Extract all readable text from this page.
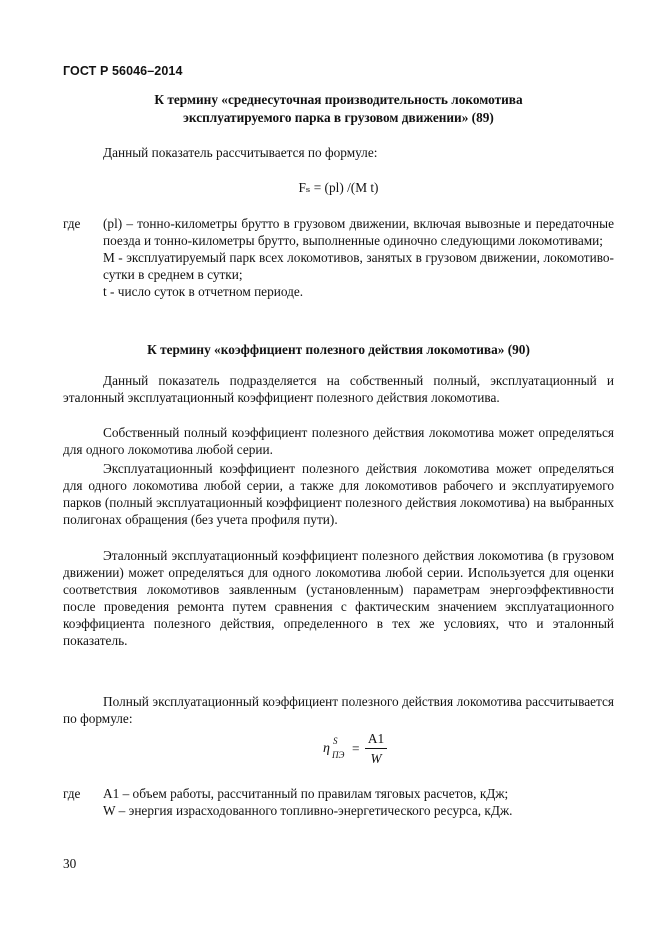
ГОСТ Р 56046–2014
К термину «среднесуточная производительность локомотива
эксплуатируемого парка в грузовом движении» (89)
Данный показатель рассчитывается по формуле:
Fₛ = (pl) /(M t)
где (pl) – тонно-километры брутто в грузовом движении, включая вывозные и передаточные поезда и тонно-километры брутто, выполненные одиночно следующими локомотивами;
М - эксплуатируемый парк всех локомотивов, занятых в грузовом движении, локомотиво-сутки в среднем в сутки;
t - число суток в отчетном периоде.
К термину «коэффициент полезного действия локомотива» (90)
Данный показатель подразделяется на собственный полный, эксплуатационный и эталонный эксплуатационный коэффициент полезного действия локомотива.
Собственный полный коэффициент полезного действия локомотива может определяться для одного локомотива любой серии.
Эксплуатационный коэффициент полезного действия локомотива может определяться для одного локомотива любой серии, а также для локомотивов рабочего и эксплуатируемого парков (полный эксплуатационный коэффициент полезного действия локомотива) на выбранных полигонах обращения (без учета профиля пути).
Эталонный эксплуатационный коэффициент полезного действия локомотива (в грузовом движении) может определяться для одного локомотива любой серии. Используется для оценки соответствия локомотивов заявленным (установленным) параметрам энергоэффективности после проведения ремонта путем сравнения с фактическим значением эксплуатационного коэффициента полезного действия, определенного в тех же условиях, что и эталонный показатель.
Полный эксплуатационный коэффициент полезного действия локомотива рассчитывается по формуле:
η S
ПЭ =
A1
W
где А1 – объем работы, рассчитанный по правилам тяговых расчетов, кДж;
W – энергия израсходованного топливно-энергетического ресурса, кДж.
30
